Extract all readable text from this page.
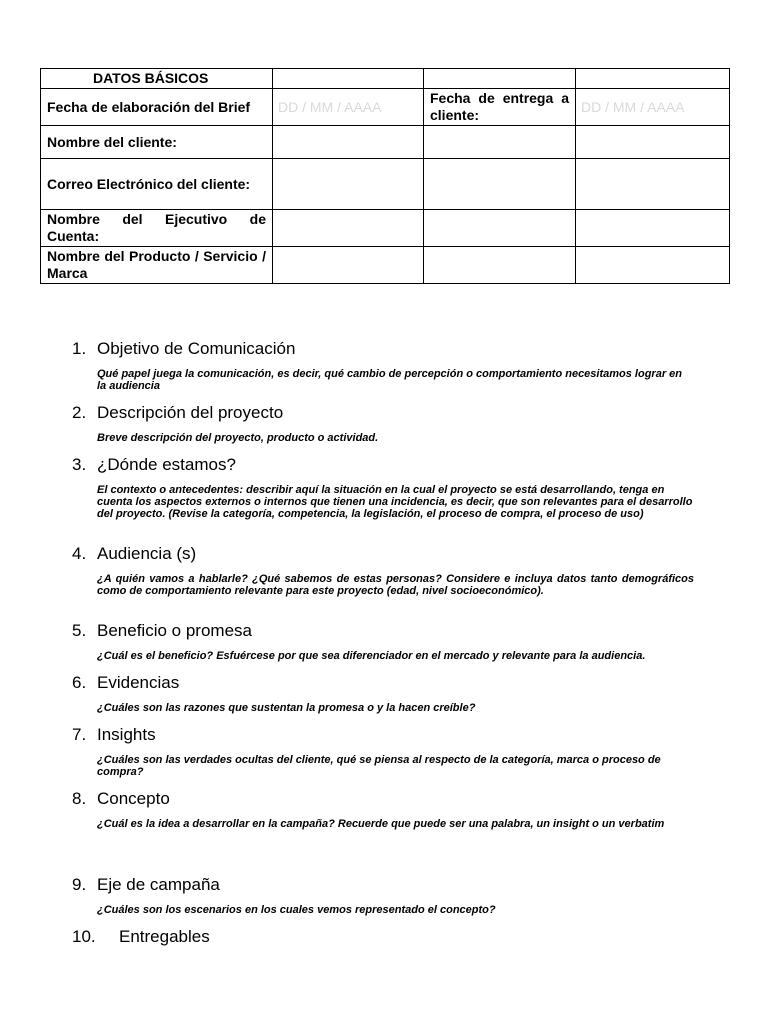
DATOS BÁSICOS			
Fecha de elaboración del Brief	DD / MM / AAAA	Fecha de entrega a cliente:	DD / MM / AAAA
Nombre del cliente:			
Correo Electrónico del cliente:			
Nombre del Ejecutivo de Cuenta:			
Nombre del Producto / Servicio / Marca			
1. Objetivo de Comunicación

Qué papel juega la comunicación, es decir, qué cambio de percepción o comportamiento necesitamos lograr en la audiencia

2. Descripción del proyecto

Breve descripción del proyecto, producto o actividad.

3. ¿Dónde estamos?

El contexto o antecedentes: describir aquí la situación en la cual el proyecto se está desarrollando, tenga en cuenta los aspectos externos o internos que tienen una incidencia, es decir, que son relevantes para el desarrollo del proyecto. (Revise la categoría, competencia, la legislación, el proceso de compra, el proceso de uso)

4. Audiencia (s)

¿A quién vamos a hablarle? ¿Qué sabemos de estas personas? Considere e incluya datos tanto demográficos como de comportamiento relevante para este proyecto (edad, nivel socioeconómico).

5. Beneficio o promesa

¿Cuál es el beneficio? Esfuércese por que sea diferenciador en el mercado y relevante para la audiencia.

6. Evidencias

¿Cuáles son las razones que sustentan la promesa o y la hacen creíble?

7. Insights

¿Cuáles son las verdades ocultas del cliente, qué se piensa al respecto de la categoría, marca o proceso de compra?

8. Concepto

¿Cuál es la idea a desarrollar en la campaña? Recuerde que puede ser una palabra, un insight o un verbatim

9. Eje de campaña

¿Cuáles son los escenarios en los cuales vemos representado el concepto?

10.	Entregables
